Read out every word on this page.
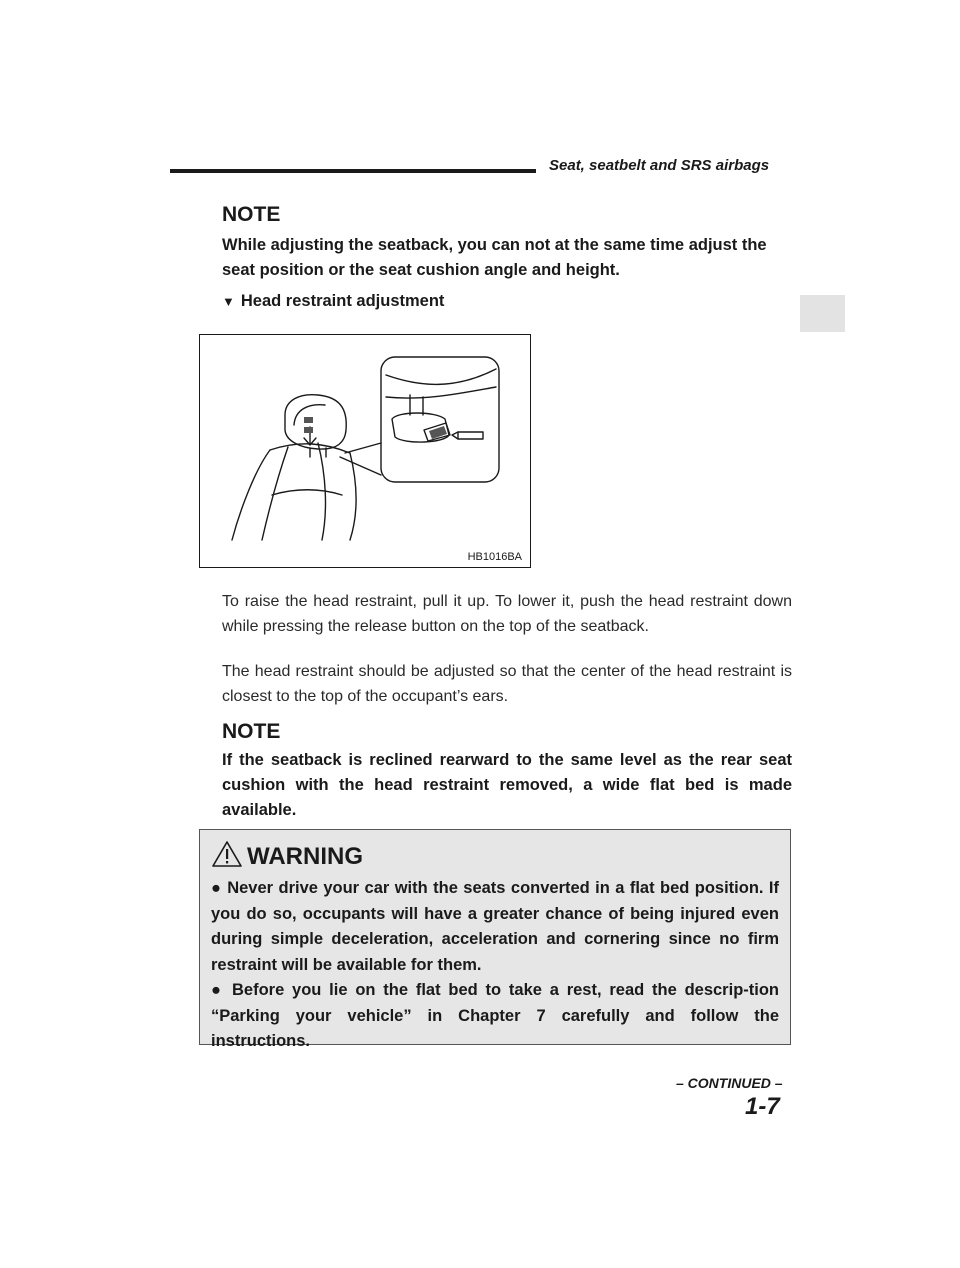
Seat, seatbelt and SRS airbags
NOTE
While adjusting the seatback, you can not at the same time adjust the seat position or the seat cushion angle and height.
▼ Head restraint adjustment
HB1016BA
To raise the head restraint, pull it up. To lower it, push the head restraint down while pressing the release button on the top of the seatback.
The head restraint should be adjusted so that the center of the head restraint is closest to the top of the occupant’s ears.
NOTE
If the seatback is reclined rearward to the same level as the rear seat cushion with the head restraint removed, a wide flat bed is made available.
WARNING

● Never drive your car with the seats converted in a flat bed position. If you do so, occupants will have a greater chance of being injured even during simple deceleration, acceleration and cornering since no firm restraint will be available for them.

● Before you lie on the flat bed to take a rest, read the descrip-tion “Parking your vehicle” in Chapter 7 carefully and follow the instructions.

– CONTINUED –
1-7
